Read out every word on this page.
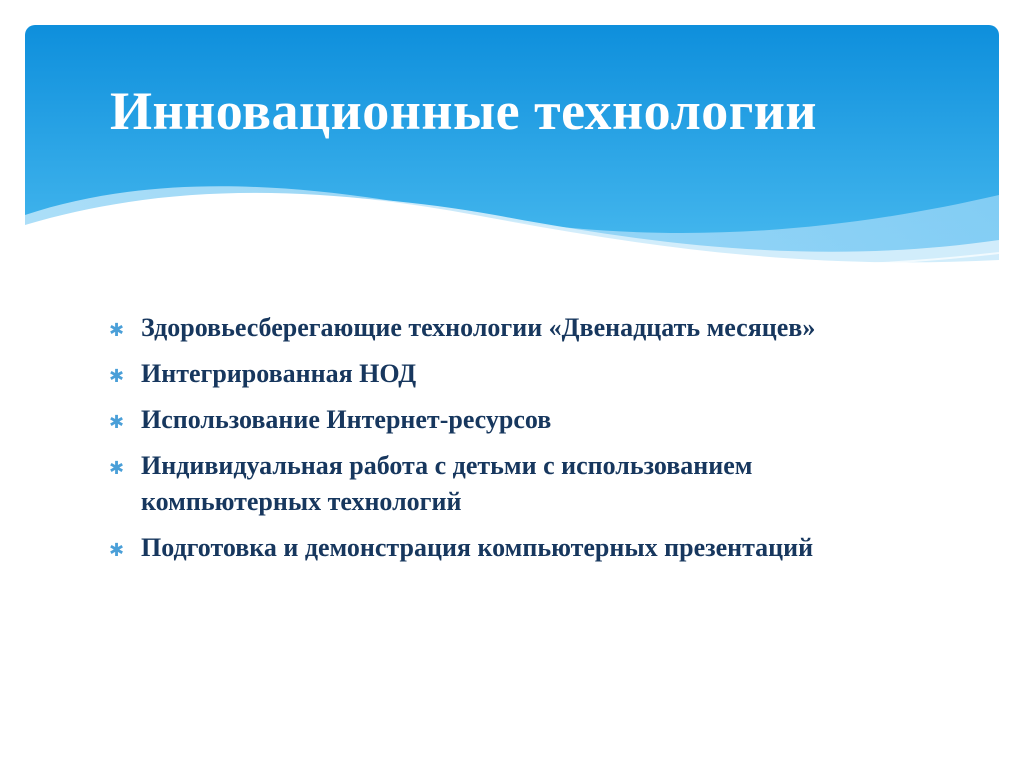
Инновационные технологии
✱ Здоровьесберегающие технологии «Двенадцать месяцев»
✱ Интегрированная НОД
✱ Использование Интернет-ресурсов
✱ Индивидуальная работа с детьми с использованием компьютерных технологий
✱ Подготовка и демонстрация компьютерных презентаций
